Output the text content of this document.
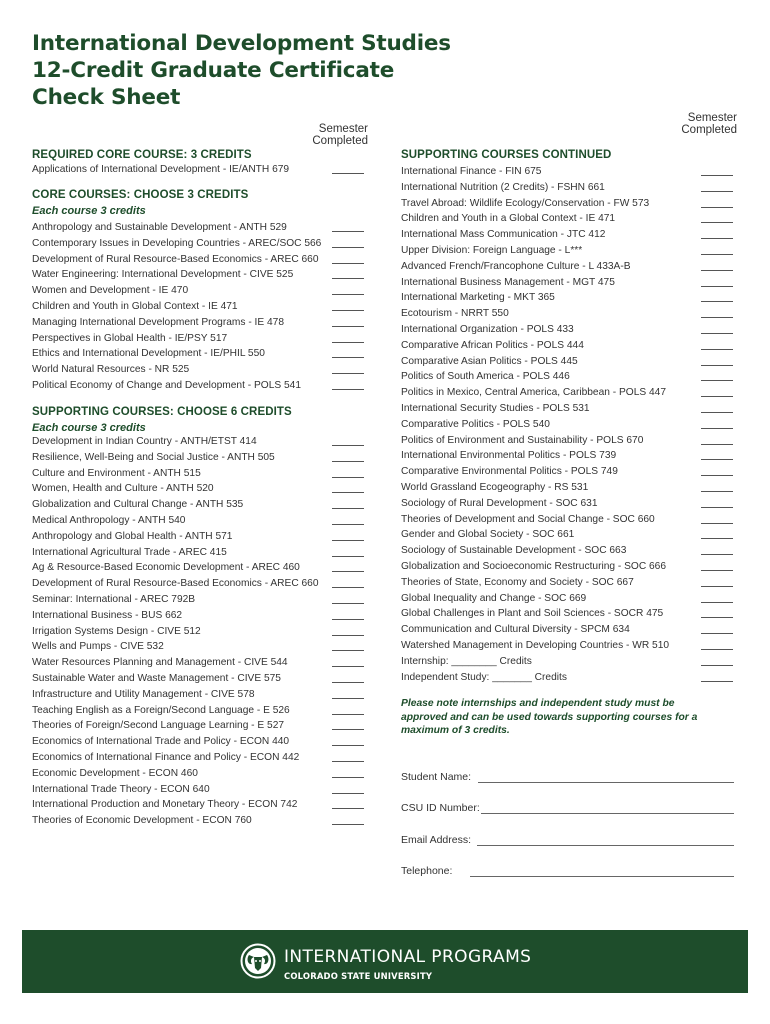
International Development Studies
12-Credit Graduate Certificate
Check Sheet
Semester
Completed
Semester
Completed
REQUIRED CORE COURSE: 3 CREDITS
Applications of International Development - IE/ANTH 679
CORE COURSES: CHOOSE 3 CREDITS
Each course 3 credits
Anthropology and Sustainable Development - ANTH 529
Contemporary Issues in Developing Countries - AREC/SOC 566
Development of Rural Resource-Based Economics - AREC 660
Water Engineering: International Development - CIVE 525
Women and Development - IE 470
Children and Youth in Global Context - IE 471
Managing International Development Programs - IE 478
Perspectives in Global Health - IE/PSY 517
Ethics and International Development - IE/PHIL 550
World Natural Resources - NR 525
Political Economy of Change and Development - POLS 541
SUPPORTING COURSES: CHOOSE 6 CREDITS
Each course 3 credits
Development in Indian Country - ANTH/ETST 414
Resilience, Well-Being and Social Justice - ANTH 505
Culture and Environment - ANTH 515
Women, Health and Culture - ANTH 520
Globalization and Cultural Change - ANTH 535
Medical Anthropology - ANTH 540
Anthropology and Global Health - ANTH 571
International Agricultural Trade - AREC 415
Ag & Resource-Based Economic Development - AREC 460
Development of Rural Resource-Based Economics - AREC 660
Seminar: International - AREC 792B
International Business - BUS 662
Irrigation Systems Design - CIVE 512
Wells and Pumps - CIVE 532
Water Resources Planning and Management - CIVE 544
Sustainable Water and Waste Management - CIVE 575
Infrastructure and Utility Management - CIVE 578
Teaching English as a Foreign/Second Language - E 526
Theories of Foreign/Second Language Learning - E 527
Economics of International Trade and Policy - ECON 440
Economics of International Finance and Policy - ECON 442
Economic Development - ECON 460
International Trade Theory - ECON 640
International Production and Monetary Theory - ECON 742
Theories of Economic Development - ECON 760
SUPPORTING COURSES CONTINUED
International Finance - FIN 675
International Nutrition (2 Credits) - FSHN 661
Travel Abroad: Wildlife Ecology/Conservation - FW 573
Children and Youth in a Global Context - IE 471
International Mass Communication - JTC 412
Upper Division: Foreign Language - L***
Advanced French/Francophone Culture - L 433A-B
International Business Management - MGT 475
International Marketing - MKT 365
Ecotourism - NRRT 550
International Organization - POLS 433
Comparative African Politics - POLS 444
Comparative Asian Politics - POLS 445
Politics of South America - POLS 446
Politics in Mexico, Central America, Caribbean - POLS 447
International Security Studies - POLS 531
Comparative Politics - POLS 540
Politics of Environment and Sustainability - POLS 670
International Environmental Politics - POLS 739
Comparative Environmental Politics - POLS 749
World Grassland Ecogeography - RS 531
Sociology of Rural Development - SOC 631
Theories of Development and Social Change - SOC 660
Gender and Global Society - SOC 661
Sociology of Sustainable Development - SOC 663
Globalization and Socioeconomic Restructuring - SOC 666
Theories of State, Economy and Society - SOC 667
Global Inequality and Change - SOC 669
Global Challenges in Plant and Soil Sciences - SOCR 475
Communication and Cultural Diversity - SPCM 634
Watershed Management in Developing Countries - WR 510
Internship: ________ Credits
Independent Study: _______ Credits
Please note internships and independent study must be approved and can be used towards supporting courses for a maximum of 3 credits.
Student Name:
CSU ID Number:
Email Address:
Telephone:
INTERNATIONAL PROGRAMS
COLORADO STATE UNIVERSITY
